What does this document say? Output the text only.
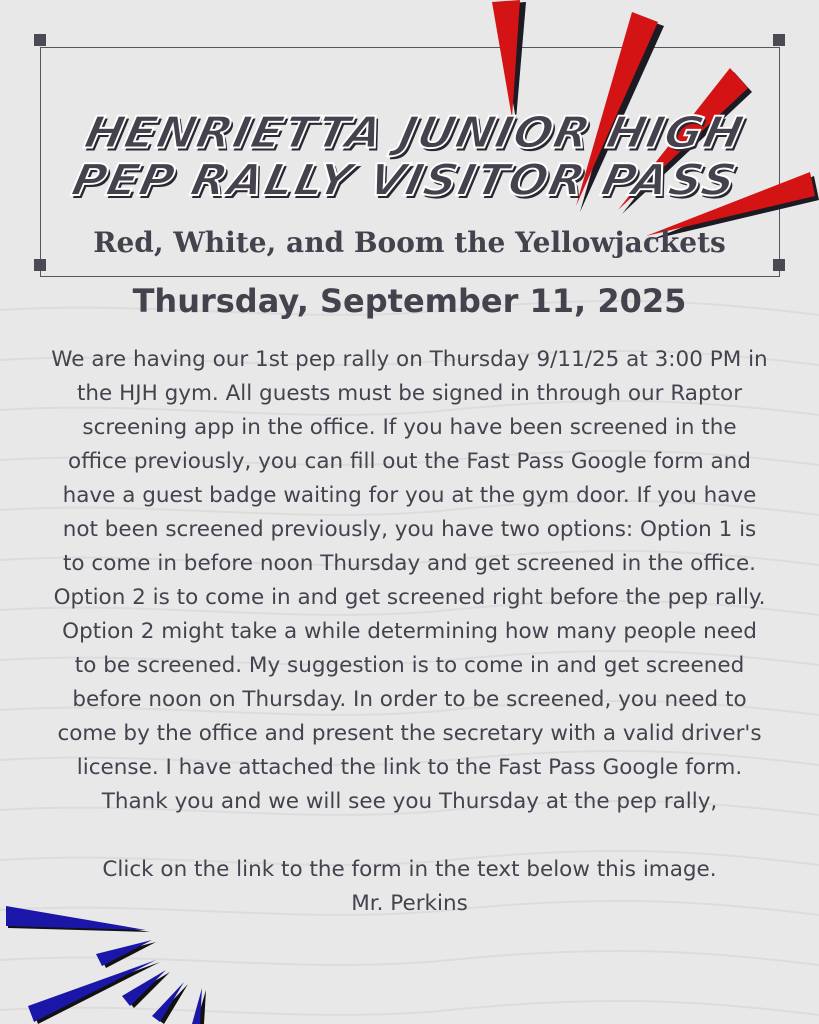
HENRIETTA JUNIOR HIGH
PEP RALLY VISITOR PASS
Red, White, and Boom the Yellowjackets
Thursday, September 11, 2025

We are having our 1st pep rally on Thursday 9/11/25 at 3:00 PM in the HJH gym. All guests must be signed in through our Raptor screening app in the office. If you have been screened in the office previously, you can fill out the Fast Pass Google form and have a guest badge waiting for you at the gym door. If you have not been screened previously, you have two options: Option 1 is to come in before noon Thursday and get screened in the office. Option 2 is to come in and get screened right before the pep rally. Option 2 might take a while determining how many people need to be screened. My suggestion is to come in and get screened before noon on Thursday. In order to be screened, you need to come by the office and present the secretary with a valid driver's license. I have attached the link to the Fast Pass Google form.

Thank you and we will see you Thursday at the pep rally,

Click on the link to the form in the text below this image.

Mr. Perkins
